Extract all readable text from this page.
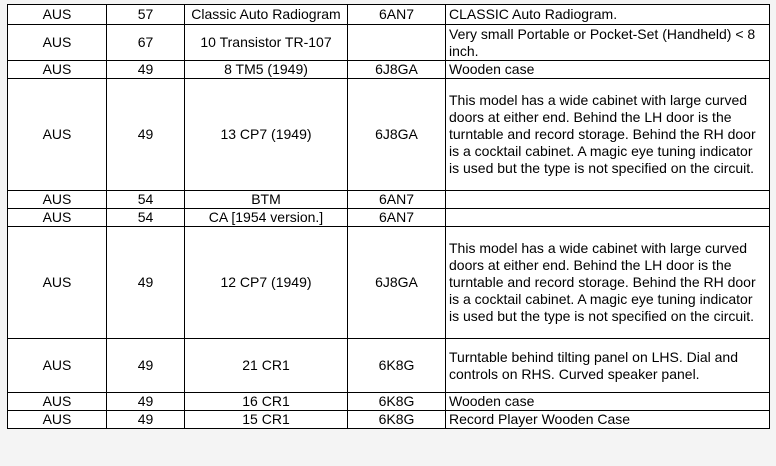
AUS	57	Classic Auto Radiogram	6AN7	CLASSIC Auto Radiogram.
AUS	67	10 Transistor TR-107		Very small Portable or Pocket-Set (Handheld) < 8 inch.
AUS	49	8 TM5 (1949)	6J8GA	Wooden case
AUS	49	13 CP7 (1949)	6J8GA	This model has a wide cabinet with large curved doors at either end. Behind the LH door is the turntable and record storage. Behind the RH door is a cocktail cabinet. A magic eye tuning indicator is used but the type is not specified on the circuit.
AUS	54	BTM	6AN7	
AUS	54	CA [1954 version.]	6AN7	
AUS	49	12 CP7 (1949)	6J8GA	This model has a wide cabinet with large curved doors at either end. Behind the LH door is the turntable and record storage. Behind the RH door is a cocktail cabinet. A magic eye tuning indicator is used but the type is not specified on the circuit.
AUS	49	21 CR1	6K8G	Turntable behind tilting panel on LHS. Dial and controls on RHS. Curved speaker panel.
AUS	49	16 CR1	6K8G	Wooden case
AUS	49	15 CR1	6K8G	Record Player Wooden Case
